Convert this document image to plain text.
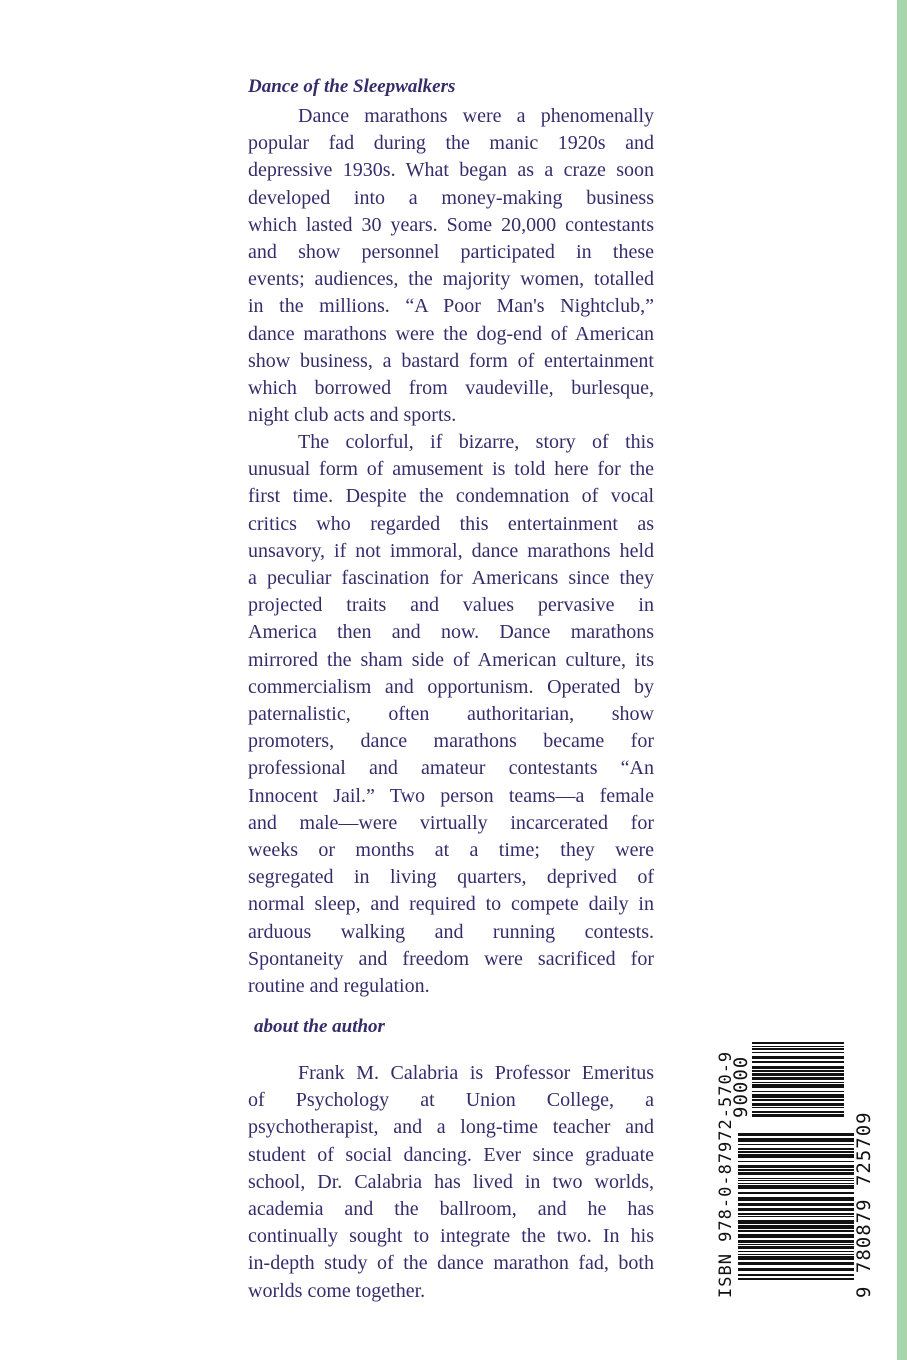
Dance of the Sleepwalkers
Dance marathons were a phenomenally
popular fad during the manic 1920s and
depressive 1930s. What began as a craze soon
developed into a money-making business
which lasted 30 years. Some 20,000 contestants
and show personnel participated in these
events; audiences, the majority women, totalled
in the millions. “A Poor Man's Nightclub,”
dance marathons were the dog-end of American
show business, a bastard form of entertainment
which borrowed from vaudeville, burlesque,
night club acts and sports.
The colorful, if bizarre, story of this
unusual form of amusement is told here for the
first time. Despite the condemnation of vocal
critics who regarded this entertainment as
unsavory, if not immoral, dance marathons held
a peculiar fascination for Americans since they
projected traits and values pervasive in
America then and now. Dance marathons
mirrored the sham side of American culture, its
commercialism and opportunism. Operated by
paternalistic, often authoritarian, show
promoters, dance marathons became for
professional and amateur contestants “An
Innocent Jail.” Two person teams—a female
and male—were virtually incarcerated for
weeks or months at a time; they were
segregated in living quarters, deprived of
normal sleep, and required to compete daily in
arduous walking and running contests.
Spontaneity and freedom were sacrificed for
routine and regulation.
about the author
Frank M. Calabria is Professor Emeritus
of Psychology at Union College, a
psychotherapist, and a long-time teacher and
student of social dancing. Ever since graduate
school, Dr. Calabria has lived in two worlds,
academia and the ballroom, and he has
continually sought to integrate the two. In his
in-depth study of the dance marathon fad, both
worlds come together.	ISBN 978-0-87972-570-9
90000
9 780879 725709
